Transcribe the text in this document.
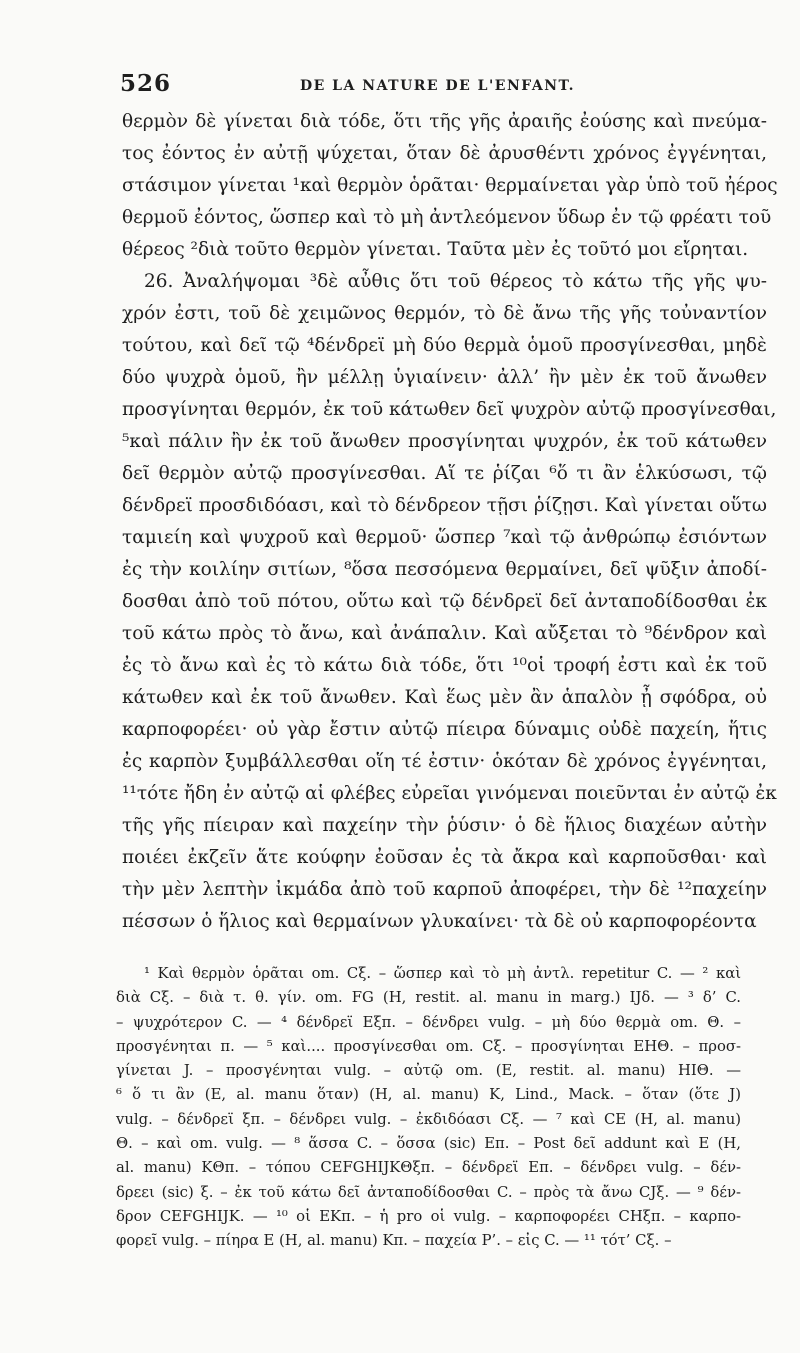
526	DE LA NATURE DE L'ENFANT.
θερμὸν δὲ γίνεται διὰ τόδε, ὅτι τῆς γῆς ἀραιῆς ἐούσης καὶ πνεύμα-
τος ἐόντος ἐν αὐτῇ ψύχεται, ὅταν δὲ ἀρυσθέντι χρόνος ἐγγένηται,
στάσιμον γίνεται ¹καὶ θερμὸν ὁρᾶται· θερμαίνεται γὰρ ὑπὸ τοῦ ἠέρος
θερμοῦ ἐόντος, ὥσπερ καὶ τὸ μὴ ἀντλεόμενον ὕδωρ ἐν τῷ φρέατι τοῦ
θέρεος ²διὰ τοῦτο θερμὸν γίνεται. Ταῦτα μὲν ἐς τοῦτό μοι εἴρηται.
26. Ἀναλήψομαι ³δὲ αὖθις ὅτι τοῦ θέρεος τὸ κάτω τῆς γῆς ψυ-
χρόν ἐστι, τοῦ δὲ χειμῶνος θερμόν, τὸ δὲ ἄνω τῆς γῆς τοὐναντίον
τούτου, καὶ δεῖ τῷ ⁴δένδρεϊ μὴ δύο θερμὰ ὁμοῦ προσγίνεσθαι, μηδὲ
δύο ψυχρὰ ὁμοῦ, ἢν μέλλῃ ὑγιαίνειν· ἀλλ’ ἢν μὲν ἐκ τοῦ ἄνωθεν
προσγίνηται θερμόν, ἐκ τοῦ κάτωθεν δεῖ ψυχρὸν αὐτῷ προσγίνεσθαι,
⁵καὶ πάλιν ἢν ἐκ τοῦ ἄνωθεν προσγίνηται ψυχρόν, ἐκ τοῦ κάτωθεν
δεῖ θερμὸν αὐτῷ προσγίνεσθαι. Αἵ τε ῥίζαι ⁶ὅ τι ἂν ἑλκύσωσι, τῷ
δένδρεϊ προσδιδόασι, καὶ τὸ δένδρεον τῇσι ῥίζῃσι. Καὶ γίνεται οὕτω
ταμιείη καὶ ψυχροῦ καὶ θερμοῦ· ὥσπερ ⁷καὶ τῷ ἀνθρώπῳ ἐσιόντων
ἐς τὴν κοιλίην σιτίων, ⁸ὅσα πεσσόμενα θερμαίνει, δεῖ ψῦξιν ἀποδί-
δοσθαι ἀπὸ τοῦ πότου, οὕτω καὶ τῷ δένδρεϊ δεῖ ἀνταποδίδοσθαι ἐκ
τοῦ κάτω πρὸς τὸ ἄνω, καὶ ἀνάπαλιν. Καὶ αὔξεται τὸ ⁹δένδρον καὶ
ἐς τὸ ἄνω καὶ ἐς τὸ κάτω διὰ τόδε, ὅτι ¹⁰οἱ τροφή ἐστι καὶ ἐκ τοῦ
κάτωθεν καὶ ἐκ τοῦ ἄνωθεν. Καὶ ἕως μὲν ἂν ἁπαλὸν ᾖ σφόδρα, οὐ
καρποφορέει· οὐ γὰρ ἔστιν αὐτῷ πίειρα δύναμις οὐδὲ παχείη, ἥτις
ἐς καρπὸν ξυμβάλλεσθαι οἵη τέ ἐστιν· ὁκόταν δὲ χρόνος ἐγγένηται,
¹¹τότε ἤδη ἐν αὐτῷ αἱ φλέβες εὐρεῖαι γινόμεναι ποιεῦνται ἐν αὐτῷ ἐκ
τῆς γῆς πίειραν καὶ παχείην τὴν ῥύσιν· ὁ δὲ ἥλιος διαχέων αὐτὴν
ποιέει ἐκζεῖν ἅτε κούφην ἐοῦσαν ἐς τὰ ἄκρα καὶ καρποῦσθαι· καὶ
τὴν μὲν λεπτὴν ἰκμάδα ἀπὸ τοῦ καρποῦ ἀποφέρει, τὴν δὲ ¹²παχείην
πέσσων ὁ ἥλιος καὶ θερμαίνων γλυκαίνει· τὰ δὲ οὐ καρποφορέοντα
¹ Καὶ θερμὸν ὁρᾶται om. Cξ. – ὥσπερ καὶ τὸ μὴ ἀντλ. repetitur C. — ² καὶ
διὰ Cξ. – διὰ τ. θ. γίν. om. FG (H, restit. al. manu in marg.) IJδ. — ³ δ’ C.
– ψυχρότερον C. — ⁴ δένδρεϊ Eξπ. – δένδρει vulg. – μὴ δύο θερμὰ om. Θ. –
προσγένηται π. — ⁵ καὶ.... προσγίνεσθαι om. Cξ. – προσγίνηται EHΘ. – προσ-
γίνεται J. – προσγένηται vulg. – αὐτῷ om. (E, restit. al. manu) HIΘ. —
⁶ ὅ τι ἂν (E, al. manu ὅταν) (H, al. manu) K, Lind., Mack. – ὅταν (ὅτε J)
vulg. – δένδρεϊ ξπ. – δένδρει vulg. – ἐκδιδόασι Cξ. — ⁷ καὶ CE (H, al. manu)
Θ. – καὶ om. vulg. — ⁸ ἅσσα C. – ὅσσα (sic) Eπ. – Post δεῖ addunt καὶ E (H,
al. manu) KΘπ. – τόπου CEFGHIJKΘξπ. – δένδρεϊ Eπ. – δένδρει vulg. – δέν-
δρεει (sic) ξ. – ἐκ τοῦ κάτω δεῖ ἀνταποδίδοσθαι C. – πρὸς τὰ ἄνω CJξ. — ⁹ δέν-
δρον CEFGHIJK. — ¹⁰ οἱ EKπ. – ἡ pro οἱ vulg. – καρποφορέει CHξπ. – καρπο-
φορεῖ vulg. – πίηρα E (H, al. manu) Kπ. – παχεία P’. – εἰς C. — ¹¹ τότ’ Cξ. –
